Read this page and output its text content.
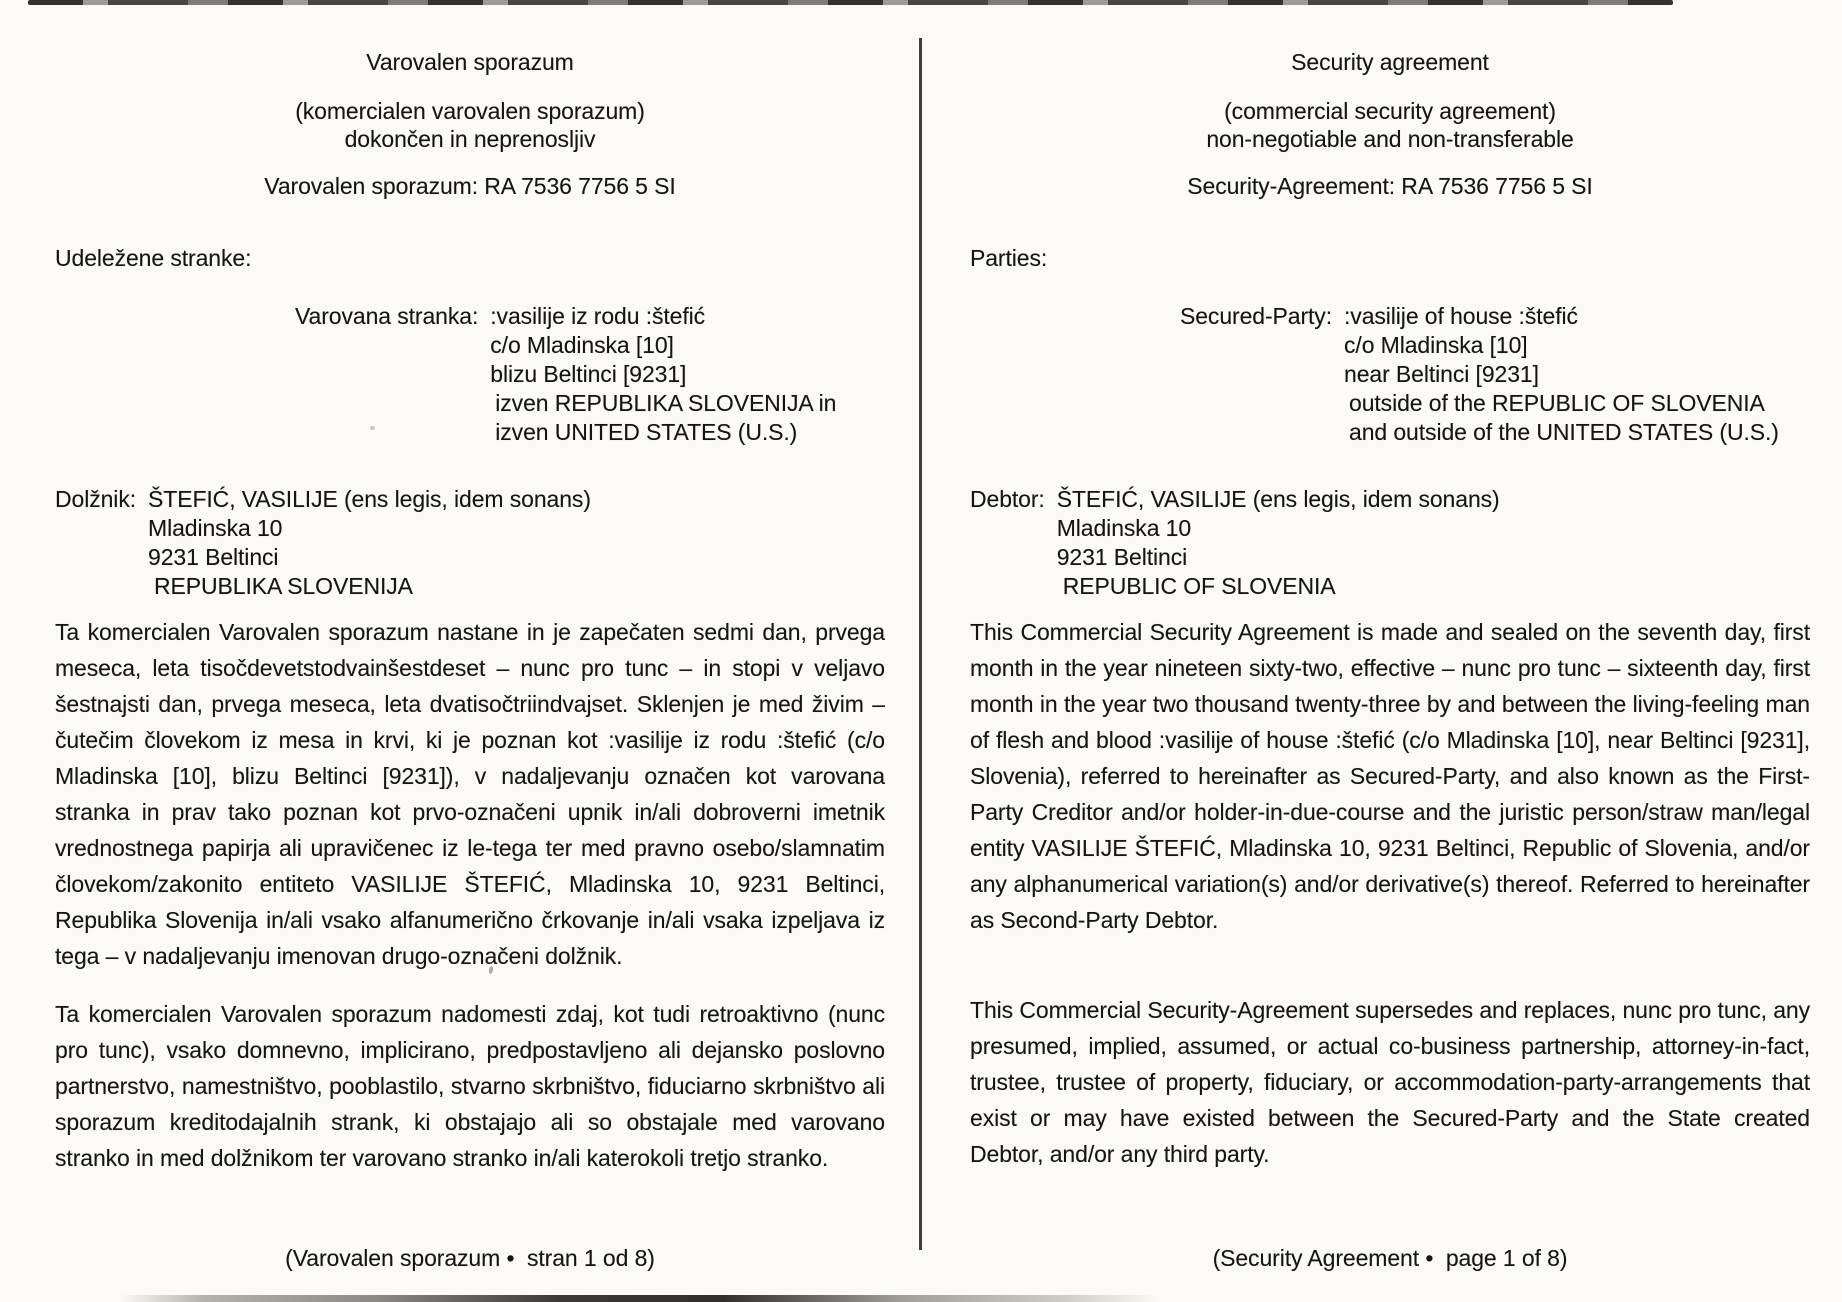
Varovalen sporazum
(komercialen varovalen sporazum)
dokončen in neprenosljiv
Varovalen sporazum: RA 7536 7756 5 SI
Udeležene stranke:
Varovana stranka: :vasilije iz rodu :štefić
c/o Mladinska [10]
blizu Beltinci [9231]
izven REPUBLIKA SLOVENIJA in
izven UNITED STATES (U.S.)
Dolžnik: ŠTEFIĆ, VASILIJE (ens legis, idem sonans)
Mladinska 10
9231 Beltinci
REPUBLIKA SLOVENIJA

Ta komercialen Varovalen sporazum nastane in je zapečaten sedmi dan, prvega meseca, leta tisočdevetstodvainšestdeset – nunc pro tunc – in stopi v veljavo šestnajsti dan, prvega meseca, leta dvatisočtriindvajset. Sklenjen je med živim – čutečim človekom iz mesa in krvi, ki je poznan kot :vasilije iz rodu :štefić (c/o Mladinska [10], blizu Beltinci [9231]), v nadaljevanju označen kot varovana stranka in prav tako poznan kot prvo-označeni upnik in/ali dobroverni imetnik vrednostnega papirja ali upravičenec iz le-tega ter med pravno osebo/slamnatim človekom/zakonito entiteto VASILIJE ŠTEFIĆ, Mladinska 10, 9231 Beltinci, Republika Slovenija in/ali vsako alfanumerično črkovanje in/ali vsaka izpeljava iz tega – v nadaljevanju imenovan drugo-označeni dolžnik.

Ta komercialen Varovalen sporazum nadomesti zdaj, kot tudi retroaktivno (nunc pro tunc), vsako domnevno, implicirano, predpostavljeno ali dejansko poslovno partnerstvo, namestništvo, pooblastilo, stvarno skrbništvo, fiduciarno skrbništvo ali sporazum kreditodajalnih strank, ki obstajajo ali so obstajale med varovano stranko in med dolžnikom ter varovano stranko in/ali katerokoli tretjo stranko.

(Varovalen sporazum •  stran 1 od 8)
Security agreement
(commercial security agreement)
non-negotiable and non-transferable
Security-Agreement: RA 7536 7756 5 SI
Parties:
Secured-Party: :vasilije of house :štefić
c/o Mladinska [10]
near Beltinci [9231]
outside of the REPUBLIC OF SLOVENIA
and outside of the UNITED STATES (U.S.)
Debtor: ŠTEFIĆ, VASILIJE (ens legis, idem sonans)
Mladinska 10
9231 Beltinci
REPUBLIC OF SLOVENIA

This Commercial Security Agreement is made and sealed on the seventh day, first month in the year nineteen sixty-two, effective – nunc pro tunc – sixteenth day, first month in the year two thousand twenty-three by and between the living-feeling man of flesh and blood :vasilije of house :štefić (c/o Mladinska [10], near Beltinci [9231], Slovenia), referred to hereinafter as Secured-Party, and also known as the First-Party Creditor and/or holder-in-due-course and the juristic person/straw man/legal entity VASILIJE ŠTEFIĆ, Mladinska 10, 9231 Beltinci, Republic of Slovenia, and/or any alphanumerical variation(s) and/or derivative(s) thereof. Referred to hereinafter as Second-Party Debtor.

This Commercial Security-Agreement supersedes and replaces, nunc pro tunc, any presumed, implied, assumed, or actual co-business partnership, attorney-in-fact, trustee, trustee of property, fiduciary, or accommodation-party-arrangements that exist or may have existed between the Secured-Party and the State created Debtor, and/or any third party.

(Security Agreement •  page 1 of 8)
